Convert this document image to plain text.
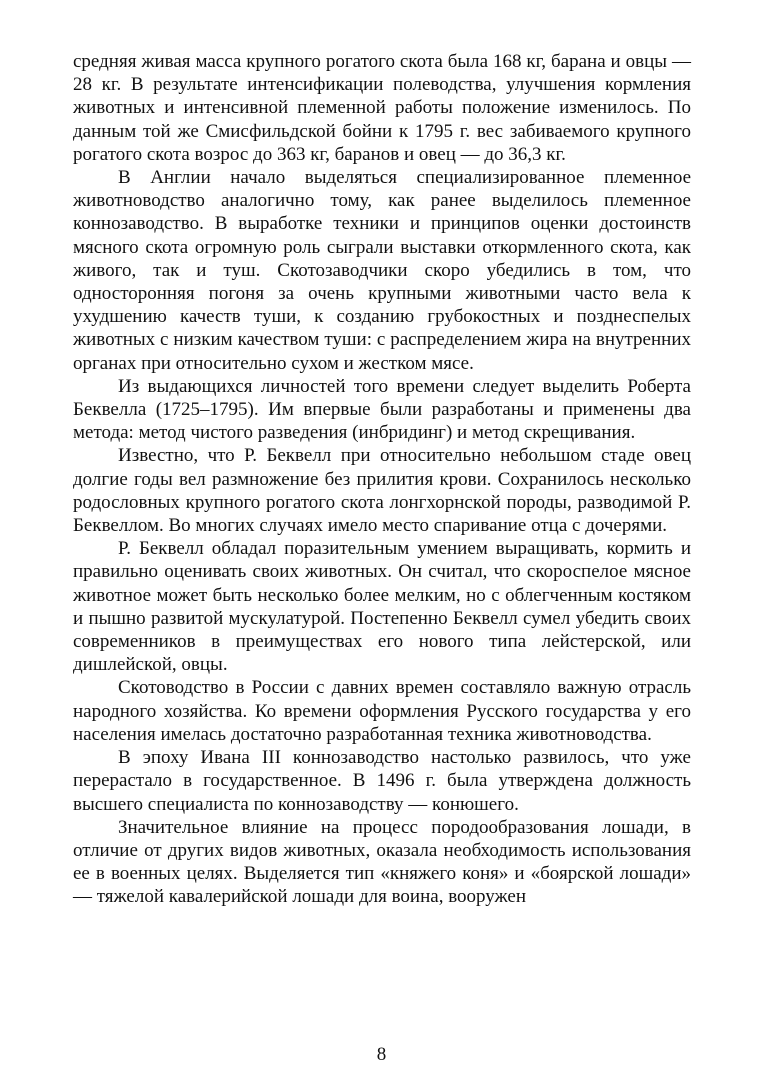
средняя живая масса крупного рогатого скота была 168 кг, барана и овцы — 28 кг. В результате интенсификации полеводства, улучшения кормления животных и интенсивной племенной работы положение изменилось. По данным той же Смисфильдской бойни к 1795 г. вес забиваемого крупного рогатого скота возрос до 363 кг, баранов и овец — до 36,3 кг.

В Англии начало выделяться специализированное племенное животноводство аналогично тому, как ранее выделилось племенное коннозаводство. В выработке техники и принципов оценки достоинств мясного скота огромную роль сыграли выставки откормленного скота, как живого, так и туш. Скотозаводчики скоро убедились в том, что односторонняя погоня за очень крупными животными часто вела к ухудшению качеств туши, к созданию грубокостных и позднеспелых животных с низким качеством туши: с распределением жира на внутренних органах при относительно сухом и жестком мясе.

Из выдающихся личностей того времени следует выделить Роберта Беквелла (1725–1795). Им впервые были разработаны и применены два метода: метод чистого разведения (инбридинг) и метод скрещивания.

Известно, что Р. Беквелл при относительно небольшом стаде овец долгие годы вел размножение без прилития крови. Сохранилось несколько родословных крупного рогатого скота лонгхорнской породы, разводимой Р. Беквеллом. Во многих случаях имело место спаривание отца с дочерями.

Р. Беквелл обладал поразительным умением выращивать, кормить и правильно оценивать своих животных. Он считал, что скороспелое мясное животное может быть несколько более мелким, но с облегченным костяком и пышно развитой мускулатурой. Постепенно Беквелл сумел убедить своих современников в преимуществах его нового типа лейстерской, или дишлейской, овцы.

Скотоводство в России с давних времен составляло важную отрасль народного хозяйства. Ко времени оформления Русского государства у его населения имелась достаточно разработанная техника животноводства.

В эпоху Ивана III коннозаводство настолько развилось, что уже перерастало в государственное. В 1496 г. была утверждена должность высшего специалиста по коннозаводству — конюшего.

Значительное влияние на процесс породообразования лошади, в отличие от других видов животных, оказала необходимость использования ее в военных целях. Выделяется тип «княжего коня» и «боярской лошади» — тяжелой кавалерийской лошади для воина, вооружен

8
